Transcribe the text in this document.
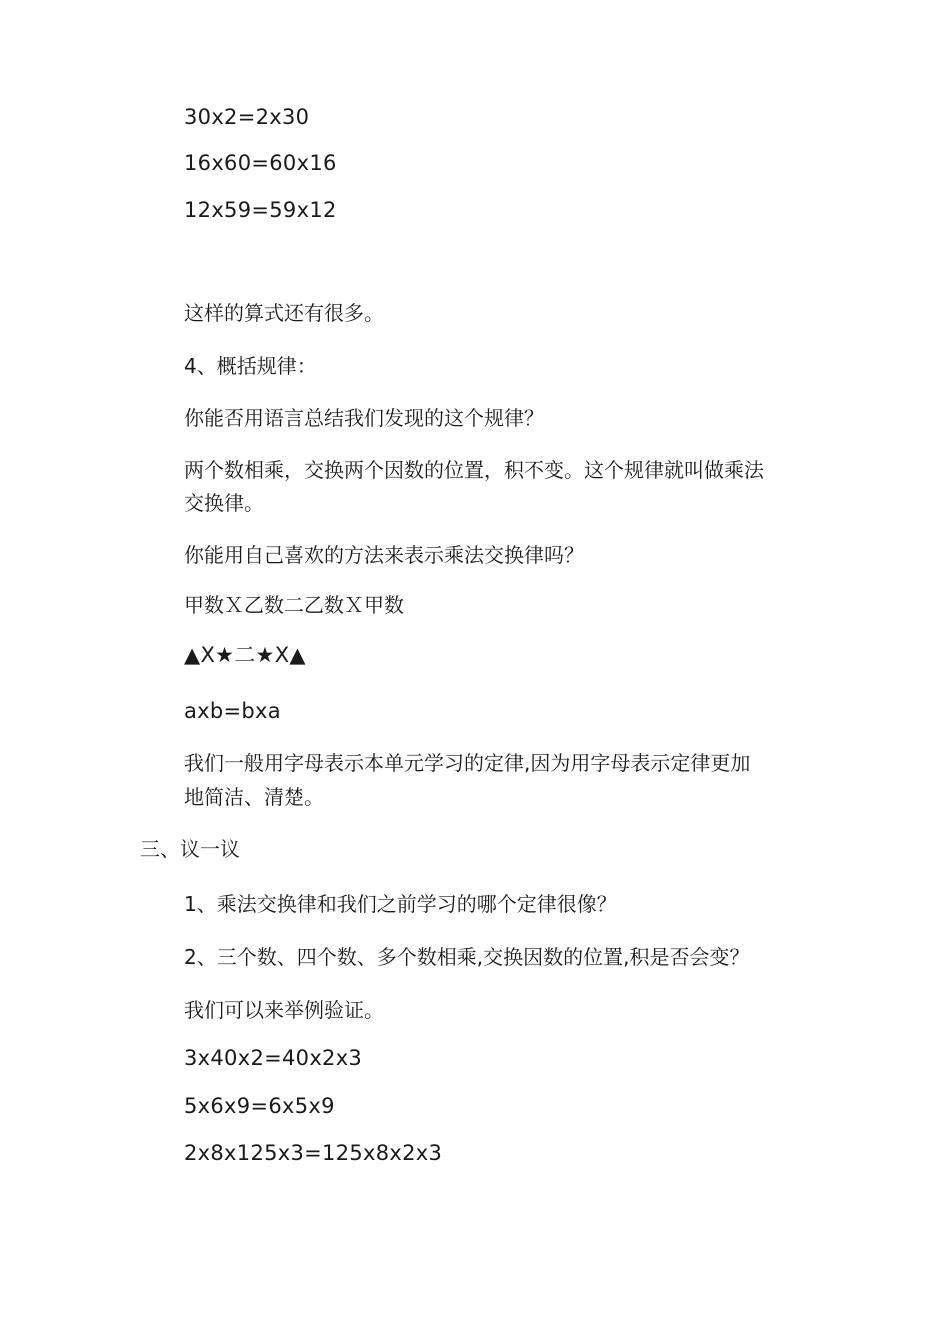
30x2=2x30
16x60=60x16
12x59=59x12
这样的算式还有很多。
4、概括规律：
你能否用语言总结我们发现的这个规律？
两个数相乘，交换两个因数的位置，积不变。这个规律就叫做乘法
交换律。
你能用自己喜欢的方法来表示乘法交换律吗？
甲数Ｘ乙数二乙数Ｘ甲数
▲X★二★X▲
axb=bxa
我们一般用字母表示本单元学习的定律,因为用字母表示定律更加
地简洁、清楚。
三、议一议
1、乘法交换律和我们之前学习的哪个定律很像？
2、三个数、四个数、多个数相乘,交换因数的位置,积是否会变？
我们可以来举例验证。
3x40x2=40x2x3
5x6x9=6x5x9
2x8x125x3=125x8x2x3
